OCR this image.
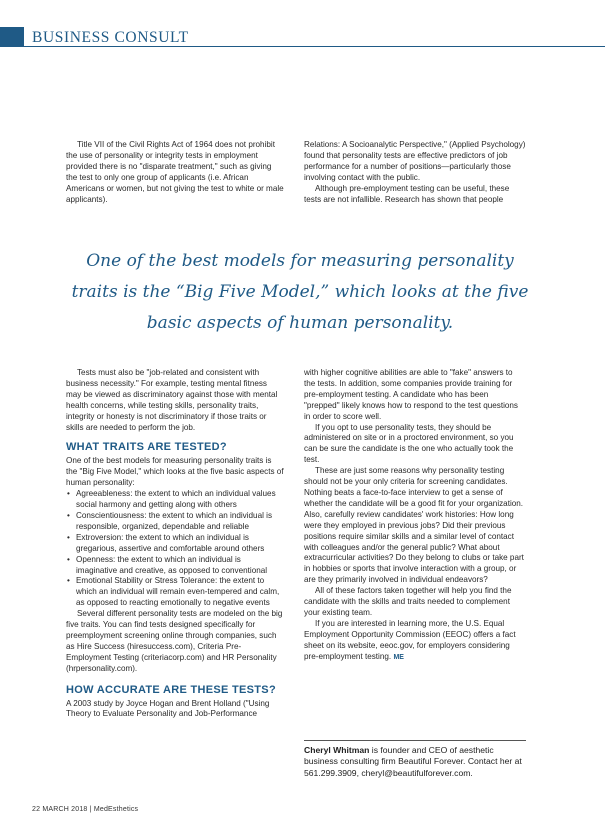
BUSINESS CONSULT

Title VII of the Civil Rights Act of 1964 does not prohibit the use of personality or integrity tests in employment provided there is no "disparate treatment," such as giving the test to only one group of applicants (i.e. African Americans or women, but not giving the test to white or male applicants).

Relations: A Socioanalytic Perspective," (Applied Psychology) found that personality tests are effective predictors of job performance for a number of positions—particularly those involving contact with the public.

Although pre-employment testing can be useful, these tests are not infallible. Research has shown that people

One of the best models for measuring personality traits is the “Big Five Model,” which looks at the five basic aspects of human personality.

Tests must also be "job-related and consistent with business necessity." For example, testing mental fitness may be viewed as discriminatory against those with mental health concerns, while testing skills, personality traits, integrity or honesty is not discriminatory if those traits or skills are needed to perform the job.

WHAT TRAITS ARE TESTED?

One of the best models for measuring personality traits is the "Big Five Model," which looks at the five basic aspects of human personality:

• Agreeableness: the extent to which an individual values social harmony and getting along with others
• Conscientiousness: the extent to which an individual is responsible, organized, dependable and reliable
• Extroversion: the extent to which an individual is gregarious, assertive and comfortable around others
• Openness: the extent to which an individual is imaginative and creative, as opposed to conventional
• Emotional Stability or Stress Tolerance: the extent to which an individual will remain even-tempered and calm, as opposed to reacting emotionally to negative events

Several different personality tests are modeled on the big five traits. You can find tests designed specifically for preemployment screening online through companies, such as Hire Success (hiresuccess.com), Criteria Pre-Employment Testing (criteriacorp.com) and HR Personality (hrpersonality.com).

HOW ACCURATE ARE THESE TESTS?

A 2003 study by Joyce Hogan and Brent Holland ("Using Theory to Evaluate Personality and Job-Performance

with higher cognitive abilities are able to "fake" answers to the tests. In addition, some companies provide training for pre-employment testing. A candidate who has been "prepped" likely knows how to respond to the test questions in order to score well.

If you opt to use personality tests, they should be administered on site or in a proctored environment, so you can be sure the candidate is the one who actually took the test.

These are just some reasons why personality testing should not be your only criteria for screening candidates. Nothing beats a face-to-face interview to get a sense of whether the candidate will be a good fit for your organization. Also, carefully review candidates' work histories: How long were they employed in previous jobs? Did their previous positions require similar skills and a similar level of contact with colleagues and/or the general public? What about extracurricular activities? Do they belong to clubs or take part in hobbies or sports that involve interaction with a group, or are they primarily involved in individual endeavors?

All of these factors taken together will help you find the candidate with the skills and traits needed to complement your existing team.

If you are interested in learning more, the U.S. Equal Employment Opportunity Commission (EEOC) offers a fact sheet on its website, eeoc.gov, for employers considering pre-employment testing. ME

Cheryl Whitman is founder and CEO of aesthetic business consulting firm Beautiful Forever. Contact her at 561.299.3909, cheryl@beautifulforever.com.
22 MARCH 2018 | MedEsthetics
